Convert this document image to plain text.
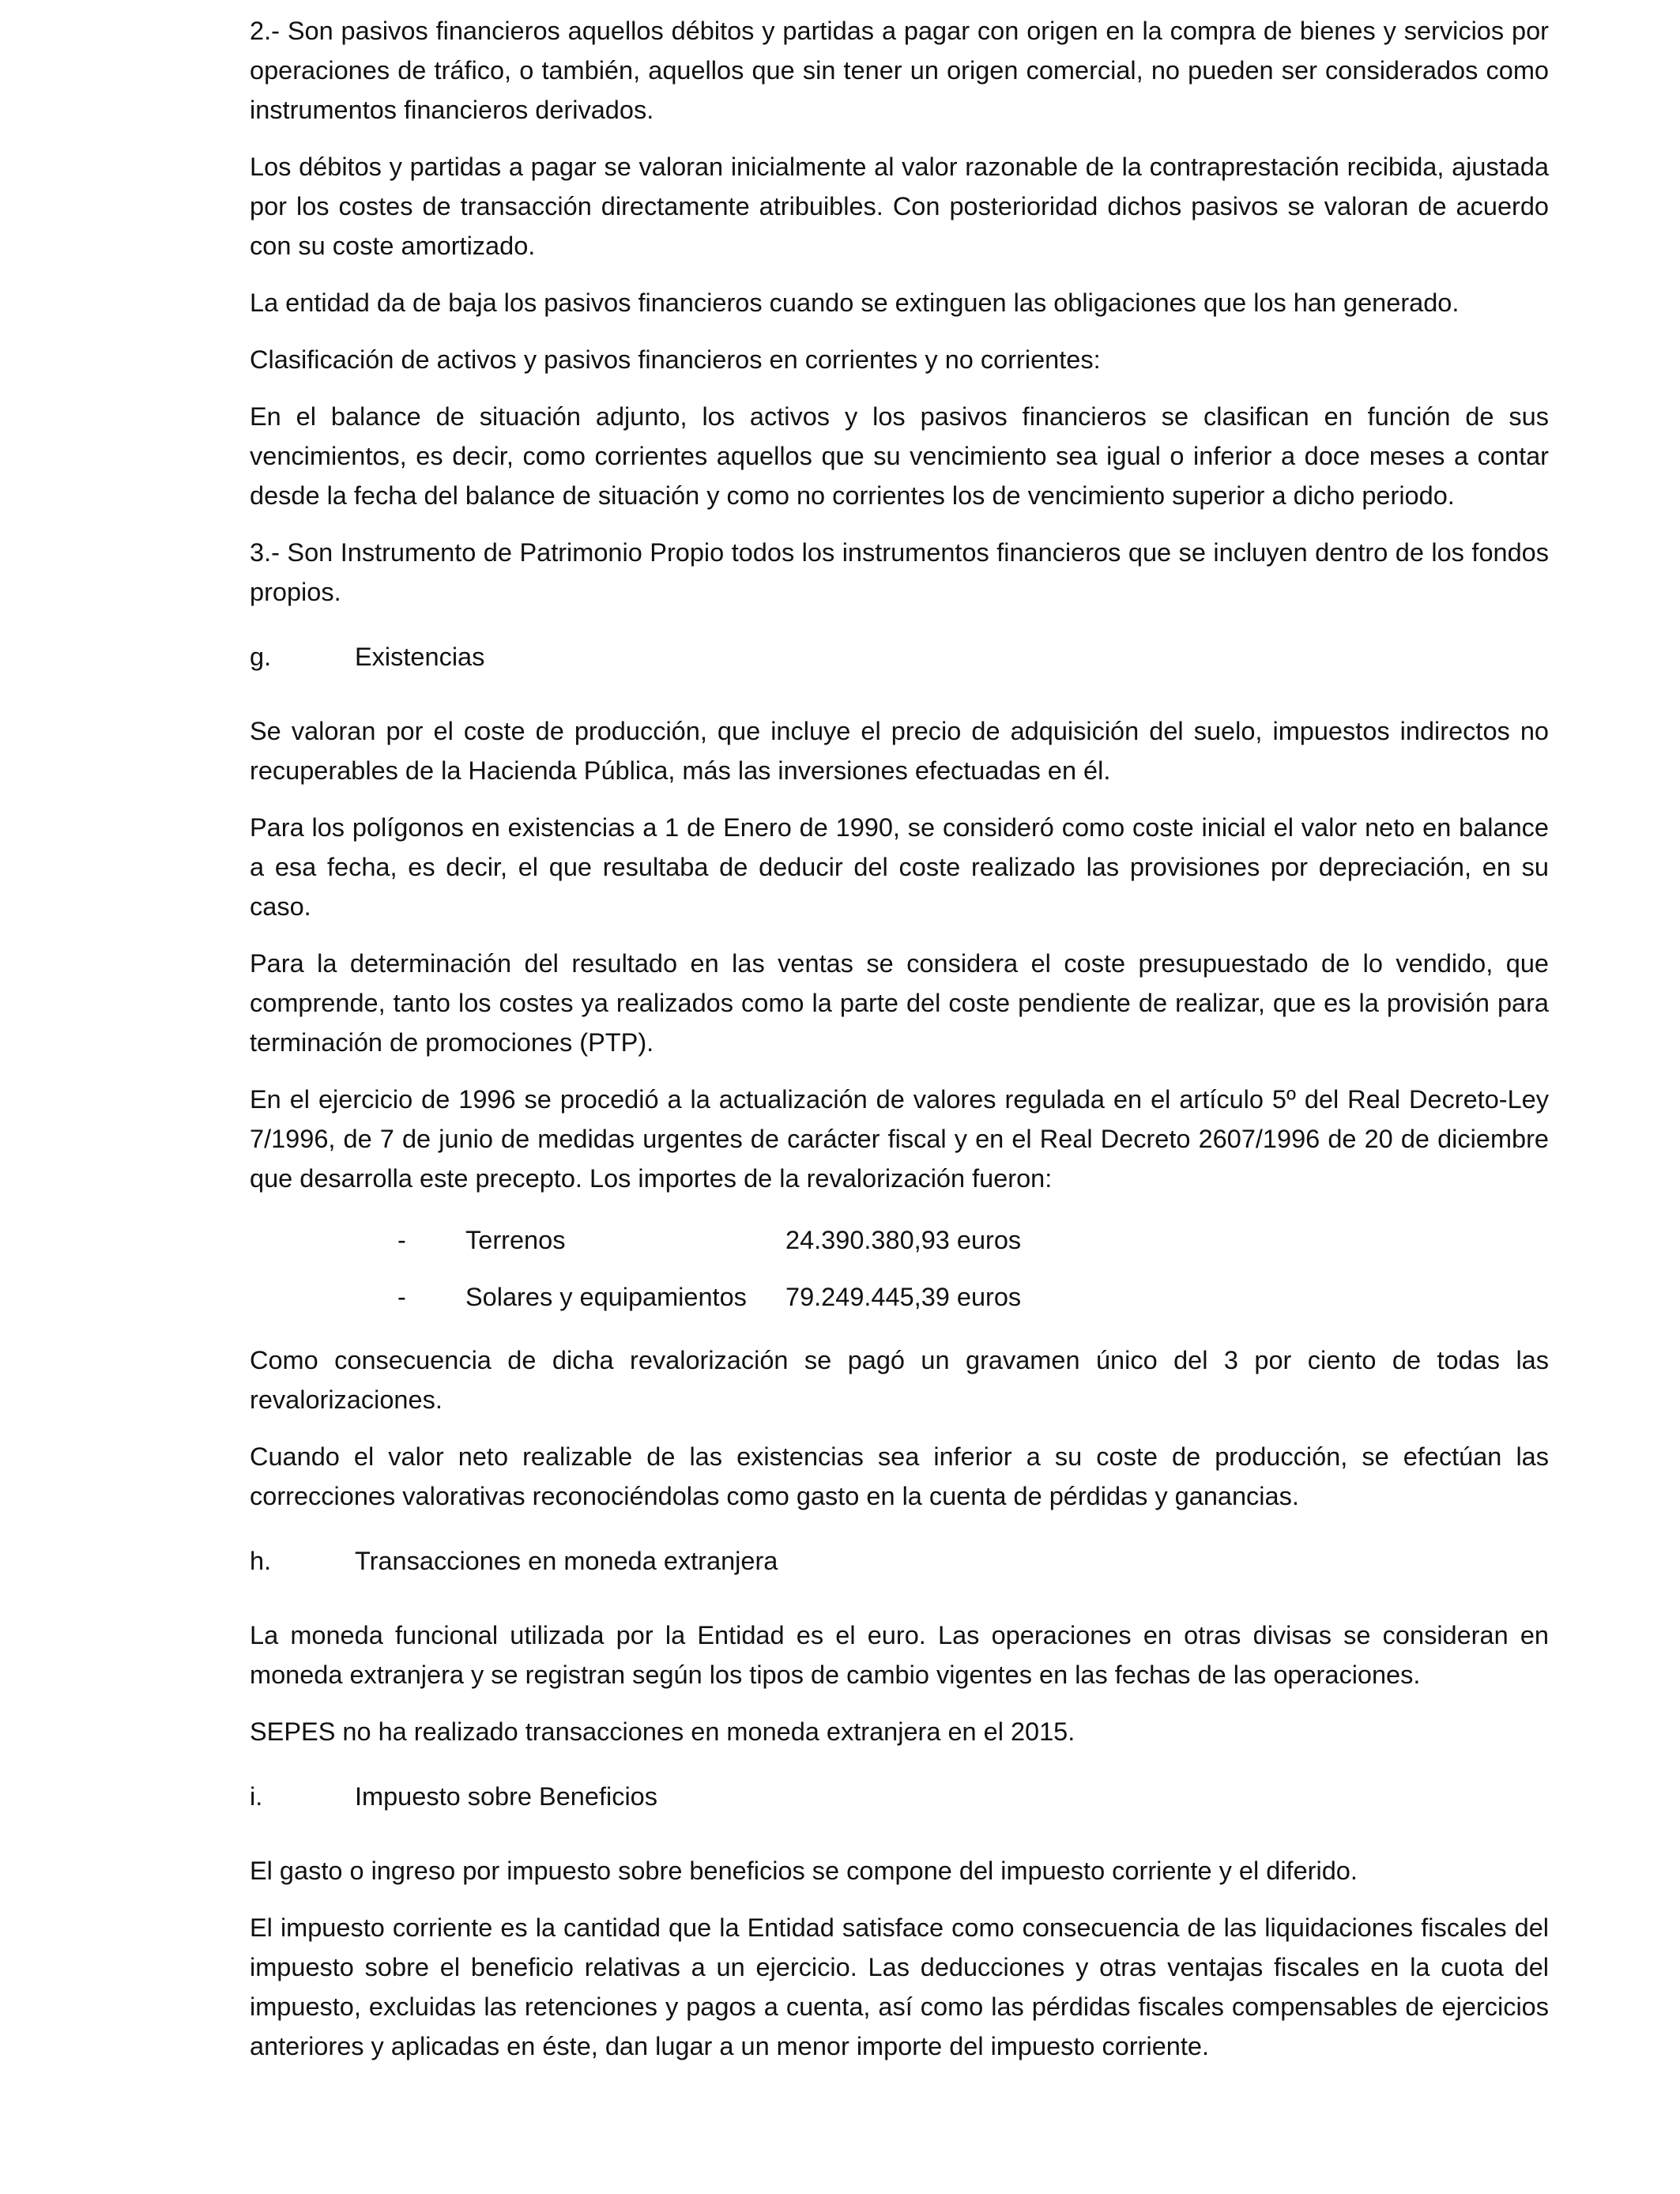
2.- Son pasivos financieros aquellos débitos y partidas a pagar con origen en la compra de bienes y servicios por operaciones de tráfico, o también, aquellos que sin tener un origen comercial, no pueden ser considerados como instrumentos financieros derivados.

Los débitos y partidas a pagar se valoran inicialmente al valor razonable de la contraprestación recibida, ajustada por los costes de transacción directamente atribuibles. Con posterioridad dichos pasivos se valoran de acuerdo con su coste amortizado.

La entidad da de baja los pasivos financieros cuando se extinguen las obligaciones que los han generado.

Clasificación de activos y pasivos financieros en corrientes y no corrientes:

En el balance de situación adjunto, los activos y los pasivos financieros se clasifican en función de sus vencimientos, es decir, como corrientes aquellos que su vencimiento sea igual o inferior a doce meses a contar desde la fecha del balance de situación y como no corrientes los de vencimiento superior a dicho periodo.

3.- Son Instrumento de Patrimonio Propio todos los instrumentos financieros que se incluyen dentro de los fondos propios.

g.	Existencias

Se valoran por el coste de producción, que incluye el precio de adquisición del suelo, impuestos indirectos no recuperables de la Hacienda Pública, más las inversiones efectuadas en él.

Para los polígonos en existencias a 1 de Enero de 1990, se consideró como coste inicial el valor neto en balance a esa fecha, es decir, el que resultaba de deducir del coste realizado las provisiones por depreciación, en su caso.

Para la determinación del resultado en las ventas se considera el coste presupuestado de lo vendido, que comprende, tanto los costes ya realizados como la parte del coste pendiente de realizar, que es la provisión para terminación de promociones (PTP).

En el ejercicio de 1996 se procedió a la actualización de valores regulada en el artículo 5º del Real Decreto-Ley 7/1996, de 7 de junio de medidas urgentes de carácter fiscal y en el Real Decreto 2607/1996 de 20 de diciembre que desarrolla este precepto. Los importes de la revalorización fueron:

-	Terrenos	24.390.380,93 euros
-	Solares y equipamientos	79.249.445,39 euros

Como consecuencia de dicha revalorización se pagó un gravamen único del 3 por ciento de todas las revalorizaciones.

Cuando el valor neto realizable de las existencias sea inferior a su coste de producción, se efectúan las correcciones valorativas reconociéndolas como gasto en la cuenta de pérdidas y ganancias.

h.	Transacciones en moneda extranjera

La moneda funcional utilizada por la Entidad es el euro. Las operaciones en otras divisas se consideran en moneda extranjera y se registran según los tipos de cambio vigentes en las fechas de las operaciones.

SEPES no ha realizado transacciones en moneda extranjera en el 2015.

i.	Impuesto sobre Beneficios

El gasto o ingreso por impuesto sobre beneficios se compone del impuesto corriente y el diferido.

El impuesto corriente es la cantidad que la Entidad satisface como consecuencia de las liquidaciones fiscales del impuesto sobre el beneficio relativas a un ejercicio. Las deducciones y otras ventajas fiscales en la cuota del impuesto, excluidas las retenciones y pagos a cuenta, así como las pérdidas fiscales compensables de ejercicios anteriores y aplicadas en éste, dan lugar a un menor importe del impuesto corriente.
